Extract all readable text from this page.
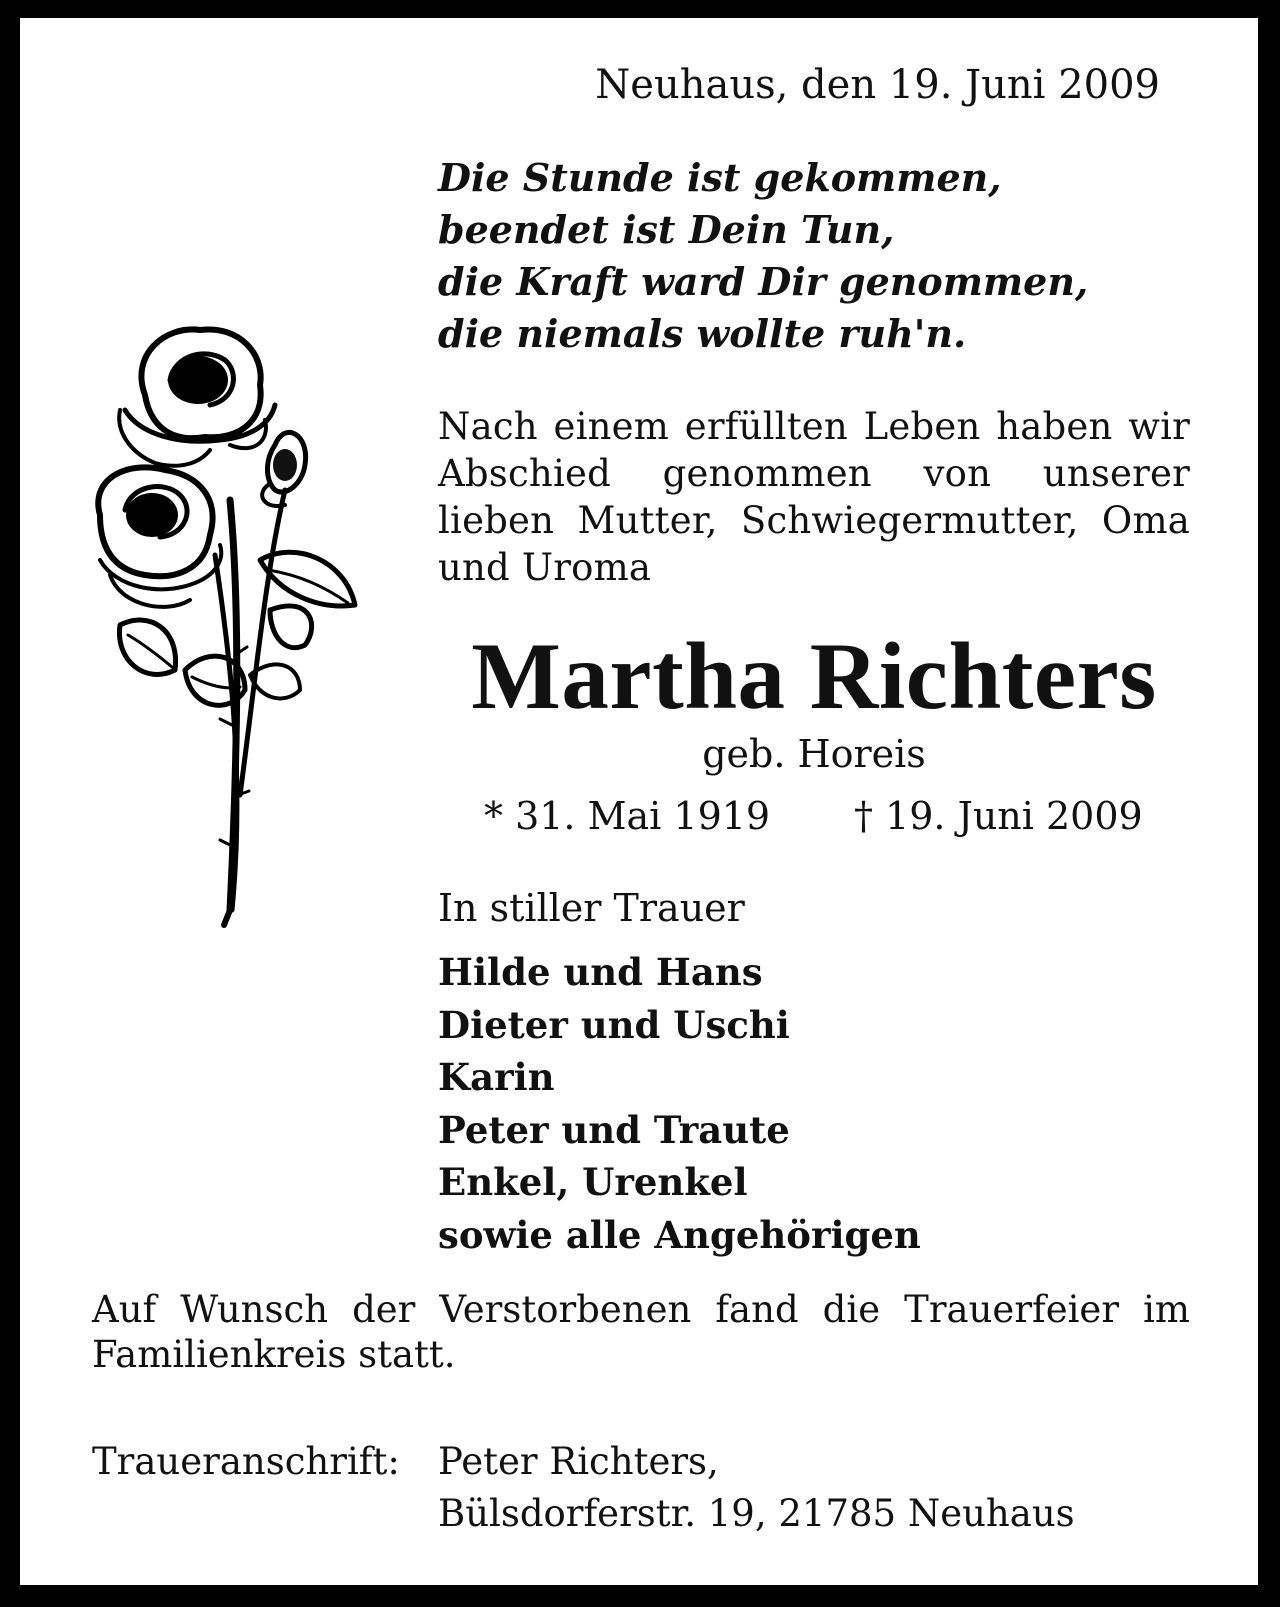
Neuhaus, den 19. Juni 2009
Die Stunde ist gekommen,
beendet ist Dein Tun,
die Kraft ward Dir genommen,
die niemals wollte ruh'n.

Nach einem erfüllten Leben haben wir Abschied genommen von unserer lieben Mutter, Schwiegermutter, Oma und Uroma

Martha Richters
geb. Horeis
* 31. Mai 1919 † 19. Juni 2009
In stiller Trauer
Hilde und Hans
Dieter und Uschi
Karin
Peter und Traute
Enkel, Urenkel
sowie alle Angehörigen

Auf Wunsch der Verstorbenen fand die Trauerfeier im Familienkreis statt.

Traueranschrift: Peter Richters,
Bülsdorferstr. 19, 21785 Neuhaus
